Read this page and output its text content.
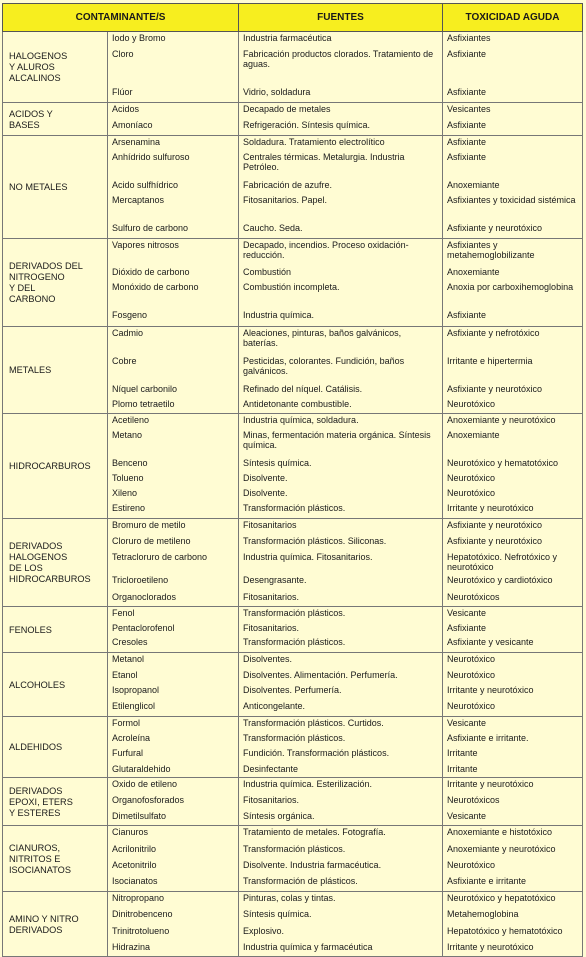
CONTAMINANTE/S		FUENTES	TOXICIDAD AGUDA
HALOGENOS
Y ALUROS
ALCALINOS	Iodo y Bromo	Industria farmacéutica	Asfixiantes
	Cloro	Fabricación productos clorados. Tratamiento de aguas.	Asfixiante
	Flúor	Vidrio, soldadura	Asfixiante
ACIDOS Y
BASES	Acidos	Decapado de metales	Vesicantes
	Amoníaco	Refrigeración. Síntesis química.	Asfixiante
NO METALES	Arsenamina	Soldadura. Tratamiento electrolítico	Asfixiante
	Anhídrido sulfuroso	Centrales térmicas. Metalurgia. Industria Petróleo.	Asfixiante
	Acido sulfhídrico	Fabricación de azufre.	Anoxemiante
	Mercaptanos	Fitosanitarios. Papel.	Asfixiantes y toxicidad sistémica
	Sulfuro de carbono	Caucho. Seda.	Asfixiante y neurotóxico
DERIVADOS DEL
NITROGENO
Y DEL
CARBONO	Vapores nitrosos	Decapado, incendios. Proceso oxidación-reducción.	Asfixiantes y metahemoglobilizante
	Dióxido de carbono	Combustión	Anoxemiante
	Monóxido de carbono	Combustión incompleta.	Anoxia por carboxihemoglobina
	Fosgeno	Industria química.	Asfixiante
METALES	Cadmio	Aleaciones, pinturas, baños galvánicos, baterías.	Asfixiante y nefrotóxico
	Cobre	Pesticidas, colorantes. Fundición, baños galvánicos.	Irritante e hipertermia
	Níquel carbonilo	Refinado del níquel. Catálisis.	Asfixiante y neurotóxico
	Plomo tetraetilo	Antidetonante combustible.	Neurotóxico
HIDROCARBUROS	Acetileno	Industria química, soldadura.	Anoxemiante y neurotóxico
	Metano	Minas, fermentación materia orgánica. Síntesis química.	Anoxemiante
	Benceno	Síntesis química.	Neurotóxico y hematotóxico
	Tolueno	Disolvente.	Neurotóxico
	Xileno	Disolvente.	Neurotóxico
	Estireno	Transformación plásticos.	Irritante y neurotóxico
DERIVADOS
HALOGENOS
DE LOS
HIDROCARBUROS	Bromuro de metilo	Fitosanitarios	Asfixiante y neurotóxico
	Cloruro de metileno	Transformación plásticos. Siliconas.	Asfixiante y neurotóxico
	Tetracloruro de carbono	Industria química. Fitosanitarios.	Hepatotóxico. Nefrotóxico y neurotóxico
	Tricloroetileno	Desengrasante.	Neurotóxico y cardiotóxico
	Organoclorados	Fitosanitarios.	Neurotóxicos
FENOLES	Fenol	Transformación plásticos.	Vesicante
	Pentaclorofenol	Fitosanitarios.	Asfixiante
	Cresoles	Transformación plásticos.	Asfixiante y vesicante
ALCOHOLES	Metanol	Disolventes.	Neurotóxico
	Etanol	Disolventes. Alimentación. Perfumería.	Neurotóxico
	Isopropanol	Disolventes. Perfumería.	Irritante y neurotóxico
	Etilenglicol	Anticongelante.	Neurotóxico
ALDEHIDOS	Formol	Transformación plásticos. Curtidos.	Vesicante
	Acroleína	Transformación plásticos.	Asfixiante e irritante.
	Furfural	Fundición. Transformación plásticos.	Irritante
	Glutaraldehido	Desinfectante	Irritante
DERIVADOS
EPOXI, ETERS
Y ESTERES	Oxido de etileno	Industria química. Esterilización.	Irritante y neurotóxico
	Organofosforados	Fitosanitarios.	Neurotóxicos
	Dimetilsulfato	Síntesis orgánica.	Vesicante
CIANUROS,
NITRITOS E
ISOCIANATOS	Cianuros	Tratamiento de metales. Fotografía.	Anoxemiante e histotóxico
	Acrilonitrilo	Transformación plásticos.	Anoxemiante y neurotóxico
	Acetonitrilo	Disolvente. Industria farmacéutica.	Neurotóxico
	Isocianatos	Transformación de plásticos.	Asfixiante e irritante
AMINO Y NITRO
DERIVADOS	Nitropropano	Pinturas, colas y tintas.	Neurotóxico y hepatotóxico
	Dinitrobenceno	Síntesis química.	Metahemoglobina
	Trinitrotolueno	Explosivo.	Hepatotóxico y hematotóxico
	Hidrazina	Industria química y farmacéutica	Irritante y neurotóxico
